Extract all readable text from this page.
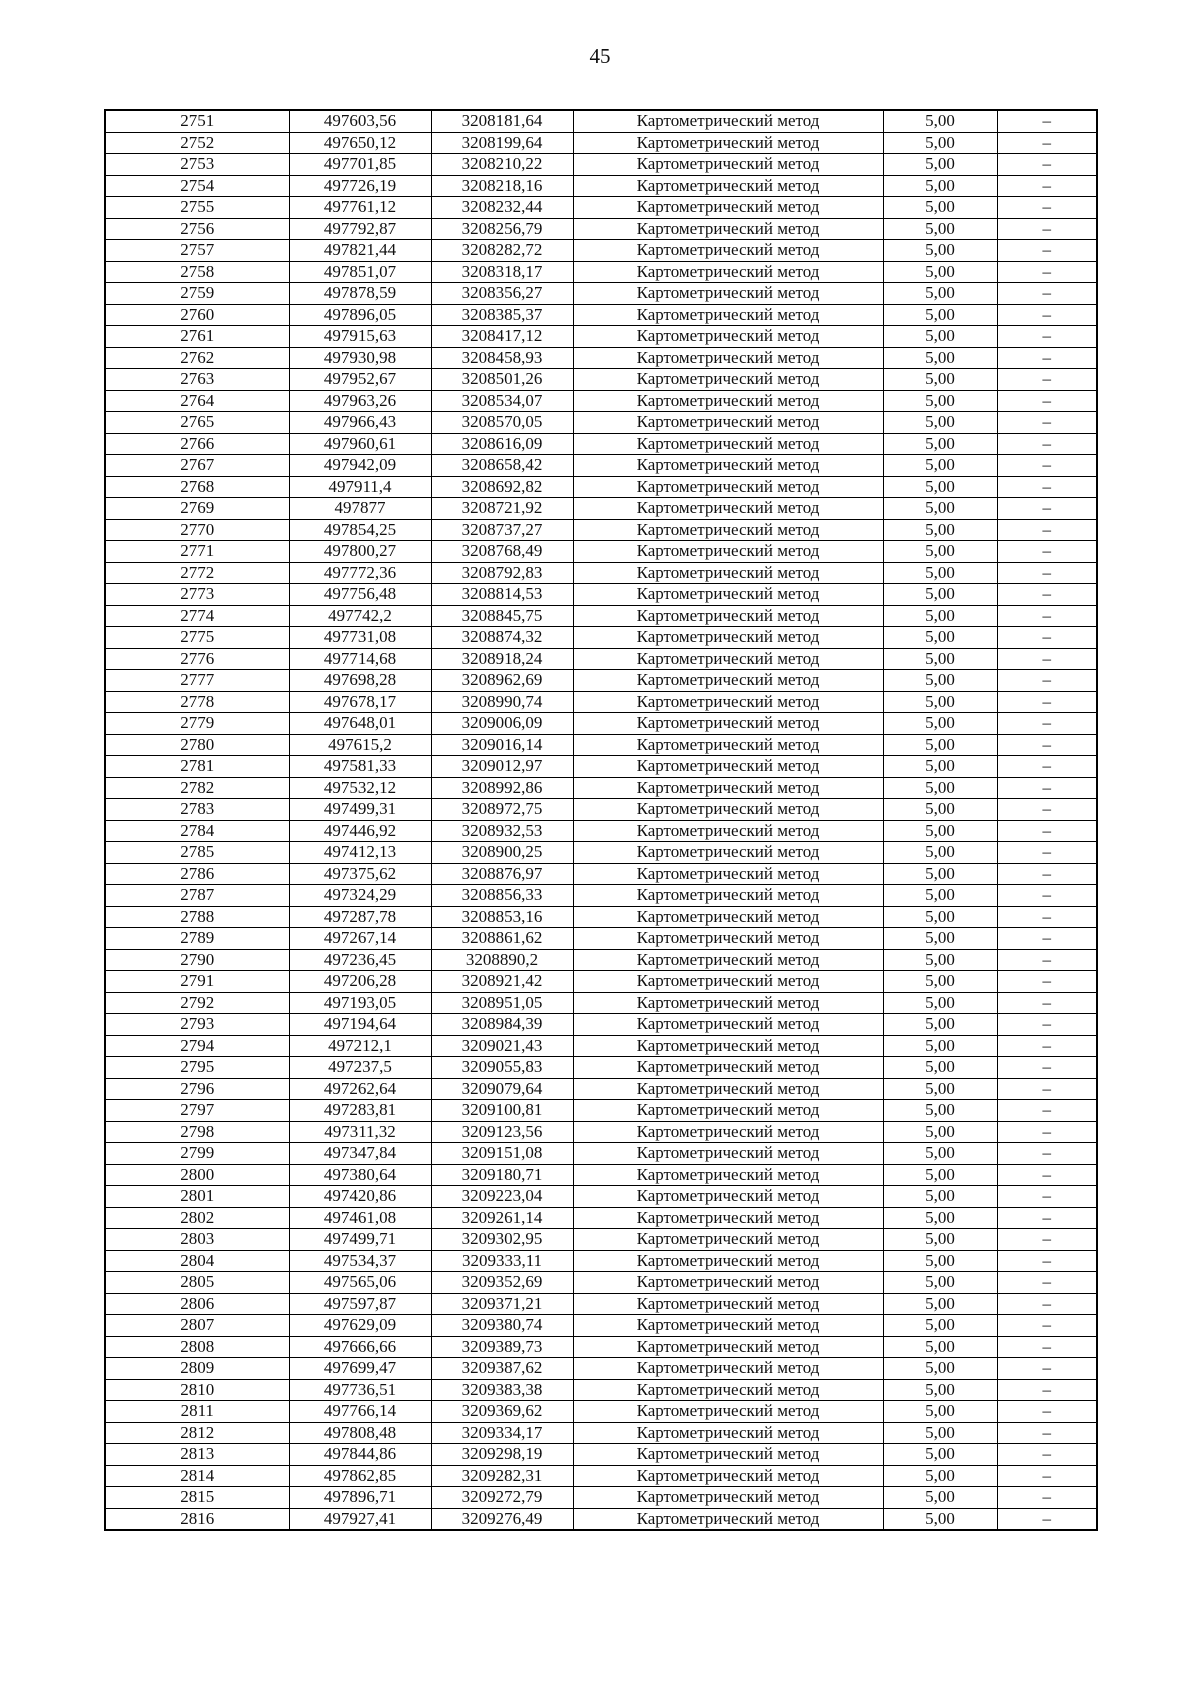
45
2751	497603,56	3208181,64	Картометрический метод	5,00	–
2752	497650,12	3208199,64	Картометрический метод	5,00	–
2753	497701,85	3208210,22	Картометрический метод	5,00	–
2754	497726,19	3208218,16	Картометрический метод	5,00	–
2755	497761,12	3208232,44	Картометрический метод	5,00	–
2756	497792,87	3208256,79	Картометрический метод	5,00	–
2757	497821,44	3208282,72	Картометрический метод	5,00	–
2758	497851,07	3208318,17	Картометрический метод	5,00	–
2759	497878,59	3208356,27	Картометрический метод	5,00	–
2760	497896,05	3208385,37	Картометрический метод	5,00	–
2761	497915,63	3208417,12	Картометрический метод	5,00	–
2762	497930,98	3208458,93	Картометрический метод	5,00	–
2763	497952,67	3208501,26	Картометрический метод	5,00	–
2764	497963,26	3208534,07	Картометрический метод	5,00	–
2765	497966,43	3208570,05	Картометрический метод	5,00	–
2766	497960,61	3208616,09	Картометрический метод	5,00	–
2767	497942,09	3208658,42	Картометрический метод	5,00	–
2768	497911,4	3208692,82	Картометрический метод	5,00	–
2769	497877	3208721,92	Картометрический метод	5,00	–
2770	497854,25	3208737,27	Картометрический метод	5,00	–
2771	497800,27	3208768,49	Картометрический метод	5,00	–
2772	497772,36	3208792,83	Картометрический метод	5,00	–
2773	497756,48	3208814,53	Картометрический метод	5,00	–
2774	497742,2	3208845,75	Картометрический метод	5,00	–
2775	497731,08	3208874,32	Картометрический метод	5,00	–
2776	497714,68	3208918,24	Картометрический метод	5,00	–
2777	497698,28	3208962,69	Картометрический метод	5,00	–
2778	497678,17	3208990,74	Картометрический метод	5,00	–
2779	497648,01	3209006,09	Картометрический метод	5,00	–
2780	497615,2	3209016,14	Картометрический метод	5,00	–
2781	497581,33	3209012,97	Картометрический метод	5,00	–
2782	497532,12	3208992,86	Картометрический метод	5,00	–
2783	497499,31	3208972,75	Картометрический метод	5,00	–
2784	497446,92	3208932,53	Картометрический метод	5,00	–
2785	497412,13	3208900,25	Картометрический метод	5,00	–
2786	497375,62	3208876,97	Картометрический метод	5,00	–
2787	497324,29	3208856,33	Картометрический метод	5,00	–
2788	497287,78	3208853,16	Картометрический метод	5,00	–
2789	497267,14	3208861,62	Картометрический метод	5,00	–
2790	497236,45	3208890,2	Картометрический метод	5,00	–
2791	497206,28	3208921,42	Картометрический метод	5,00	–
2792	497193,05	3208951,05	Картометрический метод	5,00	–
2793	497194,64	3208984,39	Картометрический метод	5,00	–
2794	497212,1	3209021,43	Картометрический метод	5,00	–
2795	497237,5	3209055,83	Картометрический метод	5,00	–
2796	497262,64	3209079,64	Картометрический метод	5,00	–
2797	497283,81	3209100,81	Картометрический метод	5,00	–
2798	497311,32	3209123,56	Картометрический метод	5,00	–
2799	497347,84	3209151,08	Картометрический метод	5,00	–
2800	497380,64	3209180,71	Картометрический метод	5,00	–
2801	497420,86	3209223,04	Картометрический метод	5,00	–
2802	497461,08	3209261,14	Картометрический метод	5,00	–
2803	497499,71	3209302,95	Картометрический метод	5,00	–
2804	497534,37	3209333,11	Картометрический метод	5,00	–
2805	497565,06	3209352,69	Картометрический метод	5,00	–
2806	497597,87	3209371,21	Картометрический метод	5,00	–
2807	497629,09	3209380,74	Картометрический метод	5,00	–
2808	497666,66	3209389,73	Картометрический метод	5,00	–
2809	497699,47	3209387,62	Картометрический метод	5,00	–
2810	497736,51	3209383,38	Картометрический метод	5,00	–
2811	497766,14	3209369,62	Картометрический метод	5,00	–
2812	497808,48	3209334,17	Картометрический метод	5,00	–
2813	497844,86	3209298,19	Картометрический метод	5,00	–
2814	497862,85	3209282,31	Картометрический метод	5,00	–
2815	497896,71	3209272,79	Картометрический метод	5,00	–
2816	497927,41	3209276,49	Картометрический метод	5,00	–
